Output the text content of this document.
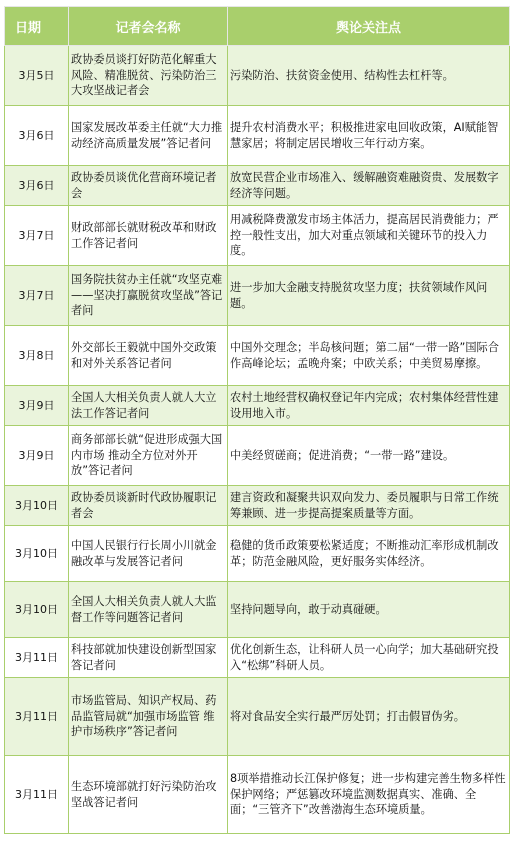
日期	记者会名称	舆论关注点
3月5日	政协委员谈打好防范化解重大风险、精准脱贫、污染防治三大攻坚战记者会	污染防治、扶贫资金使用、结构性去杠杆等。
3月6日	国家发展改革委主任就“大力推动经济高质量发展”答记者问	提升农村消费水平；积极推进家电回收政策，AI赋能智慧家居；将制定居民增收三年行动方案。
3月6日	政协委员谈优化营商环境记者会	放宽民营企业市场准入、缓解融资难融资贵、发展数字经济等问题。
3月7日	财政部部长就财税改革和财政工作答记者问	用减税降费激发市场主体活力，提高居民消费能力；严控一般性支出，加大对重点领域和关键环节的投入力度。
3月7日	国务院扶贫办主任就“攻坚克难——坚决打赢脱贫攻坚战”答记者问	进一步加大金融支持脱贫攻坚力度；扶贫领域作风问题。
3月8日	外交部长王毅就中国外交政策和对外关系答记者问	中国外交理念；半岛核问题；第二届“一带一路”国际合作高峰论坛；孟晚舟案；中欧关系；中美贸易摩擦。
3月9日	全国人大相关负责人就人大立法工作答记者问	农村土地经营权确权登记年内完成；农村集体经营性建设用地入市。
3月9日	商务部部长就“促进形成强大国内市场 推动全方位对外开放”答记者问	中美经贸磋商；促进消费；“一带一路”建设。
3月10日	政协委员谈新时代政协履职记者会	建言资政和凝聚共识双向发力、委员履职与日常工作统筹兼顾、进一步提高提案质量等方面。
3月10日	中国人民银行行长周小川就金融改革与发展答记者问	稳健的货币政策要松紧适度；不断推动汇率形成机制改革；防范金融风险，更好服务实体经济。
3月10日	全国人大相关负责人就人大监督工作等问题答记者问	坚持问题导向，敢于动真碰硬。
3月11日	科技部就加快建设创新型国家答记者问	优化创新生态，让科研人员一心向学；加大基础研究投入“松绑”科研人员。
3月11日	市场监管局、知识产权局、药品监管局就“加强市场监管 维护市场秩序”答记者问	将对食品安全实行最严厉处罚；打击假冒伪劣。
3月11日	生态环境部就打好污染防治攻坚战答记者问	8项举措推动长江保护修复；进一步构建完善生物多样性保护网络；严惩篡改环境监测数据真实、准确、全面；“三管齐下”改善渤海生态环境质量。
